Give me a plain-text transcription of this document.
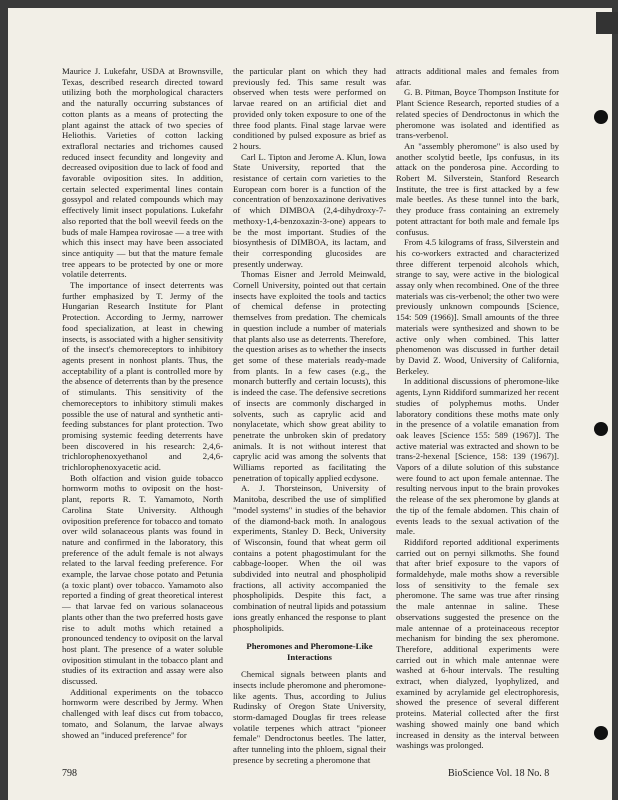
Maurice J. Lukefahr, USDA at Brownsville, Texas, described research directed toward utilizing both the morphological characters and the naturally occurring substances of cotton plants as a means of protecting the plant against the attack of two species of Heliothis. Varieties of cotton lacking extrafloral nectaries and trichomes caused reduced insect fecundity and longevity and decreased oviposition due to lack of food and favorable oviposition sites. In addition, certain selected experimental lines contain gossypol and related compounds which may effectively limit insect populations. Lukefahr also reported that the boll weevil feeds on the buds of male Hampea rovirosae — a tree with which this insect may have been associated since antiquity — but that the mature female tree appears to be protected by one or more volatile deterrents.

The importance of insect deterrents was further emphasized by T. Jermy of the Hungarian Research Institute for Plant Protection. According to Jermy, narrower food specialization, at least in chewing insects, is associated with a higher sensitivity of the insect's chemoreceptors to inhibitory agents present in nonhost plants. Thus, the acceptability of a plant is controlled more by the absence of deterrents than by the presence of stimulants. This sensitivity of the chemoreceptors to inhibitory stimuli makes possible the use of natural and synthetic anti-feeding substances for plant protection. Two promising systemic feeding deterrents have been discovered in his research: 2,4,6-trichlorophenoxyethanol and 2,4,6-trichlorophenoxyacetic acid.

Both olfaction and vision guide tobacco hornworm moths to oviposit on the host-plant, reports R. T. Yamamoto, North Carolina State University. Although oviposition preference for tobacco and tomato over wild solanaceous plants was found in nature and confirmed in the laboratory, this preference of the adult female is not always related to the larval feeding preference. For example, the larvae chose potato and Petunia (a toxic plant) over tobacco. Yamamoto also reported a finding of great theoretical interest — that larvae fed on various solanaceous plants other than the two preferred hosts gave rise to adult moths which retained a pronounced tendency to oviposit on the larval host plant. The presence of a water soluble oviposition stimulant in the tobacco plant and studies of its extraction and assay were also discussed.

Additional experiments on the tobacco hornworm were described by Jermy. When challenged with leaf discs cut from tobacco, tomato, and Solanum, the larvae always showed an "induced preference" for

the particular plant on which they had previously fed. This same result was observed when tests were performed on larvae reared on an artificial diet and provided only token exposure to one of the three food plants. Final stage larvae were conditioned by pulsed exposure as brief as 2 hours.

Carl L. Tipton and Jerome A. Klun, Iowa State University, reported that the resistance of certain corn varieties to the European corn borer is a function of the concentration of benzoxazinone derivatives of which DIMBOA (2,4-dihydroxy-7-methoxy-1,4-benzoxazin-3-one) appears to be the most important. Studies of the biosynthesis of DIMBOA, its lactam, and their corresponding glucosides are presently underway.

Thomas Eisner and Jerrold Meinwald, Cornell University, pointed out that certain insects have exploited the tools and tactics of chemical defense in protecting themselves from predation. The chemicals in question include a number of materials that plants also use as deterrents. Therefore, the question arises as to whether the insects get some of these materials ready-made from plants. In a few cases (e.g., the monarch butterfly and certain locusts), this is indeed the case. The defensive secretions of insects are commonly discharged in solvents, such as caprylic acid and nonylacetate, which show great ability to penetrate the unbroken skin of predatory animals. It is not without interest that caprylic acid was among the solvents that Williams reported as facilitating the penetration of topically applied ecdysone.

A. J. Thorsteinson, University of Manitoba, described the use of simplified "model systems" in studies of the behavior of the diamond-back moth. In analogous experiments, Stanley D. Beck, University of Wisconsin, found that wheat germ oil contains a potent phagostimulant for the cabbage-looper. When the oil was subdivided into neutral and phospholipid fractions, all activity accompanied the phospholipids. Despite this fact, a combination of neutral lipids and potassium ions greatly enhanced the response to plant phospholipids.

Pheromones and Pheromone-Like Interactions

Chemical signals between plants and insects include pheromone and pheromone-like agents. Thus, according to Julius Rudinsky of Oregon State University, storm-damaged Douglas fir trees release volatile terpenes which attract "pioneer female" Dendroctonus beetles. The latter, after tunneling into the phloem, signal their presence by secreting a pheromone that

attracts additional males and females from afar.

G. B. Pitman, Boyce Thompson Institute for Plant Science Research, reported studies of a related species of Dendroctonus in which the pheromone was isolated and identified as trans-verbenol.

An "assembly pheromone" is also used by another scolytid beetle, Ips confusus, in its attack on the ponderosa pine. According to Robert M. Silverstein, Stanford Research Institute, the tree is first attacked by a few male beetles. As these tunnel into the bark, they produce frass containing an extremely potent attractant for both male and female Ips confusus.

From 4.5 kilograms of frass, Silverstein and his co-workers extracted and characterized three different terpenoid alcohols which, strange to say, were active in the biological assay only when recombined. One of the three materials was cis-verbenol; the other two were previously unknown compounds [Science, 154: 509 (1966)]. Small amounts of the three materials were synthesized and shown to be active only when combined. This latter phenomenon was discussed in further detail by David Z. Wood, University of California, Berkeley.

In additional discussions of pheromone-like agents, Lynn Riddiford summarized her recent studies of polyphemus moths. Under laboratory conditions these moths mate only in the presence of a volatile emanation from oak leaves [Science 155: 589 (1967)]. The active material was extracted and shown to be trans-2-hexenal [Science, 158: 139 (1967)]. Vapors of a dilute solution of this substance were found to act upon female antennae. The resulting nervous input to the brain provokes the release of the sex pheromone by glands at the tip of the female abdomen. This chain of events leads to the sexual activation of the male.

Riddiford reported additional experiments carried out on pernyi silkmoths. She found that after brief exposure to the vapors of formaldehyde, male moths show a reversible loss of sensitivity to the female sex pheromone. The same was true after rinsing the male antennae in saline. These observations suggested the presence on the male antennae of a proteinaceous receptor mechanism for binding the sex pheromone. Therefore, additional experiments were carried out in which male antennae were washed at 6-hour intervals. The resulting extract, when dialyzed, lyophylized, and examined by acrylamide gel electrophoresis, showed the presence of several different proteins. Material collected after the first washing showed mainly one band which increased in density as the interval between washings was prolonged.

798	BioScience Vol. 18 No. 8
